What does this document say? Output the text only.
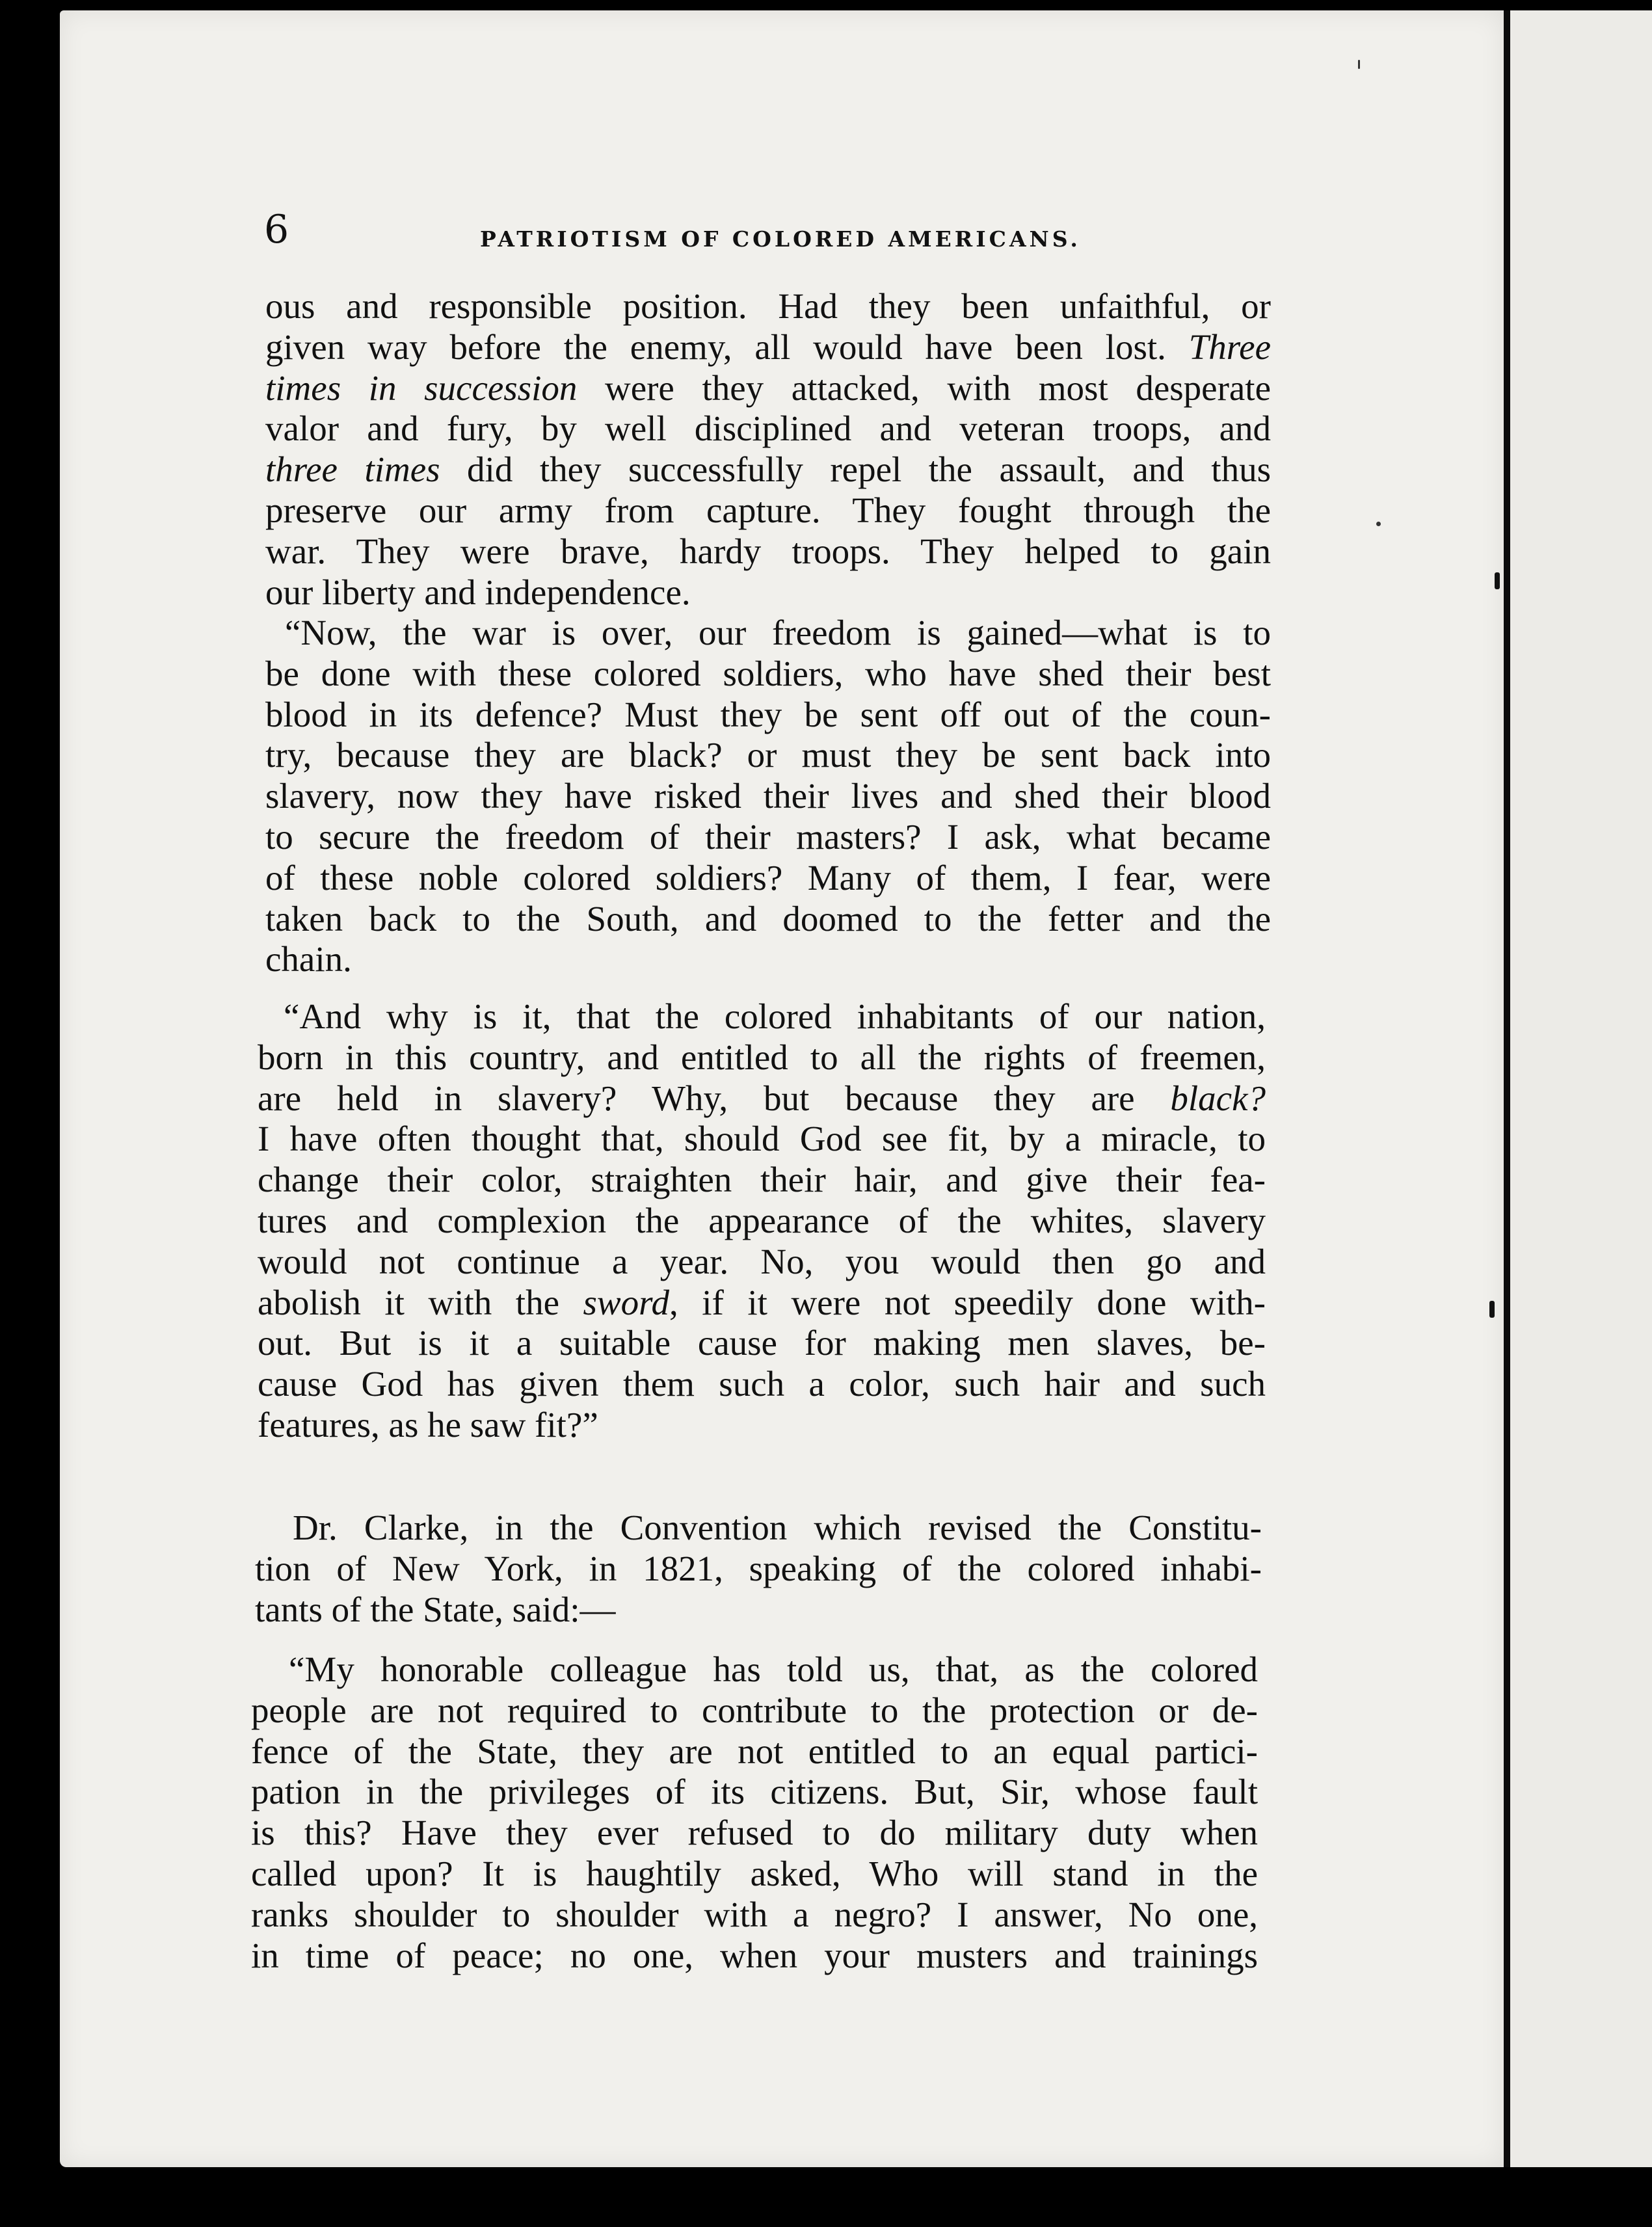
6	PATRIOTISM OF COLORED AMERICANS.
ous and responsible position. Had they been unfaithful, or
given way before the enemy, all would have been lost. Three
times in succession were they attacked, with most desperate
valor and fury, by well disciplined and veteran troops, and
three times did they successfully repel the assault, and thus
preserve our army from capture. They fought through the
war. They were brave, hardy troops. They helped to gain
our liberty and independence.
“Now, the war is over, our freedom is gained—what is to
be done with these colored soldiers, who have shed their best
blood in its defence? Must they be sent off out of the coun-
try, because they are black? or must they be sent back into
slavery, now they have risked their lives and shed their blood
to secure the freedom of their masters? I ask, what became
of these noble colored soldiers? Many of them, I fear, were
taken back to the South, and doomed to the fetter and the
chain.
“And why is it, that the colored inhabitants of our nation,
born in this country, and entitled to all the rights of freemen,
are held in slavery? Why, but because they are black?
I have often thought that, should God see fit, by a miracle, to
change their color, straighten their hair, and give their fea-
tures and complexion the appearance of the whites, slavery
would not continue a year. No, you would then go and
abolish it with the sword, if it were not speedily done with-
out. But is it a suitable cause for making men slaves, be-
cause God has given them such a color, such hair and such
features, as he saw fit?”
Dr. Clarke, in the Convention which revised the Constitu-
tion of New York, in 1821, speaking of the colored inhabi-
tants of the State, said:—
“My honorable colleague has told us, that, as the colored
people are not required to contribute to the protection or de-
fence of the State, they are not entitled to an equal partici-
pation in the privileges of its citizens. But, Sir, whose fault
is this? Have they ever refused to do military duty when
called upon? It is haughtily asked, Who will stand in the
ranks shoulder to shoulder with a negro? I answer, No one,
in time of peace; no one, when your musters and trainings
